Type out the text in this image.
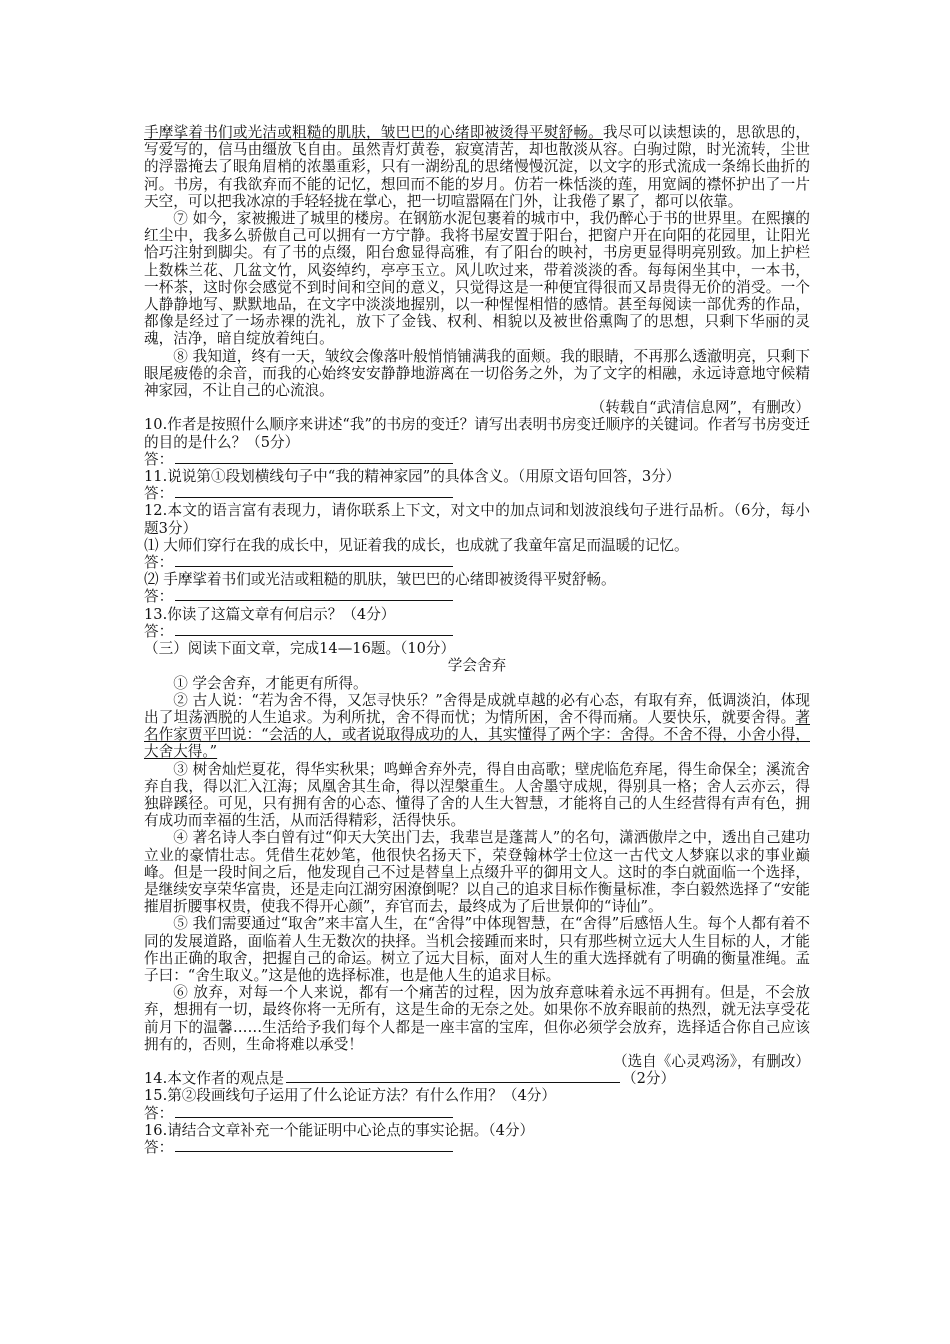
手摩挲着书们或光洁或粗糙的肌肤，皱巴巴的心绪即被烫得平熨舒畅。我尽可以读想读的，思欲思的，写爱写的，信马由缰放飞自由。虽然青灯黄卷，寂寞清苦，却也散淡从容。白驹过隙，时光流转，尘世的浮嚣掩去了眼角眉梢的浓墨重彩，只有一湖纷乱的思绪慢慢沉淀，以文字的形式流成一条绵长曲折的河。书房，有我欲弃而不能的记忆，想回而不能的岁月。仿若一株恬淡的莲，用宽阔的襟怀护出了一片天空，可以把我冰凉的手轻轻拢在掌心，把一切喧嚣隔在门外，让我倦了累了，都可以依靠。

⑦ 如今，家被搬进了城里的楼房。在钢筋水泥包裹着的城市中，我仍醉心于书的世界里。在熙攘的红尘中，我多么骄傲自己可以拥有一方宁静。我将书屋安置于阳台，把窗户开在向阳的花园里，让阳光恰巧注射到脚尖。有了书的点缀，阳台愈显得高雅，有了阳台的映衬，书房更显得明亮别致。加上护栏上数株兰花、几盆文竹，风姿绰约，亭亭玉立。风儿吹过来，带着淡淡的香。每每闲坐其中，一本书，一杯茶，这时你会感觉不到时间和空间的意义，只觉得这是一种便宜得很而又昂贵得无价的消受。一个人静静地写、默默地品，在文字中淡淡地握别，以一种惺惺相惜的感情。甚至每阅读一部优秀的作品，都像是经过了一场赤裸的洗礼，放下了金钱、权利、相貌以及被世俗熏陶了的思想，只剩下华丽的灵魂，洁净，暗自绽放着纯白。

⑧ 我知道，终有一天，皱纹会像落叶般悄悄铺满我的面颊。我的眼睛，不再那么透澈明亮，只剩下眼尾疲倦的余音，而我的心始终安安静静地游离在一切俗务之外，为了文字的相融，永远诗意地守候精神家园，不让自己的心流浪。

（转载自“武清信息网”，有删改）

10.作者是按照什么顺序来讲述“我”的书房的变迁？请写出表明书房变迁顺序的关键词。作者写书房变迁的目的是什么？（5分）

答：

11.说说第①段划横线句子中“我的精神家园”的具体含义。（用原文语句回答，3分）

答：

12.本文的语言富有表现力，请你联系上下文，对文中的加点词和划波浪线句子进行品析。（6分，每小题3分）

⑴ 大师们穿行在我的成长中，见证着我的成长，也成就了我童年富足而温暖的记忆。

答：

⑵ 手摩挲着书们或光洁或粗糙的肌肤，皱巴巴的心绪即被烫得平熨舒畅。

答：

13.你读了这篇文章有何启示？（4分）

答：

（三）阅读下面文章，完成14—16题。（10分）

学会舍弃

① 学会舍弃，才能更有所得。

② 古人说：“若为舍不得，又怎寻快乐？”舍得是成就卓越的必有心态，有取有弃，低调淡泊，体现出了坦荡洒脱的人生追求。为利所扰，舍不得而忧；为情所困，舍不得而痛。人要快乐，就要舍得。著名作家贾平凹说：“会活的人，或者说取得成功的人，其实懂得了两个字：舍得。不舍不得，小舍小得，大舍大得。”

③ 树舍灿烂夏花，得华实秋果；鸣蝉舍弃外壳，得自由高歌；壁虎临危弃尾，得生命保全；溪流舍弃自我，得以汇入江海；凤凰舍其生命，得以涅槃重生。人舍墨守成规，得别具一格；舍人云亦云，得独辟蹊径。可见，只有拥有舍的心态、懂得了舍的人生大智慧，才能将自己的人生经营得有声有色，拥有成功而幸福的生活，从而活得精彩，活得快乐。

④ 著名诗人李白曾有过“仰天大笑出门去，我辈岂是蓬蒿人”的名句，潇洒傲岸之中，透出自己建功立业的豪情壮志。凭借生花妙笔，他很快名扬天下，荣登翰林学士位这一古代文人梦寐以求的事业巅峰。但是一段时间之后，他发现自己不过是替皇上点缀升平的御用文人。这时的李白就面临一个选择，是继续安享荣华富贵，还是走向江湖穷困潦倒呢？以自己的追求目标作衡量标准，李白毅然选择了“安能摧眉折腰事权贵，使我不得开心颜”，弃官而去，最终成为了后世景仰的“诗仙”。

⑤ 我们需要通过“取舍”来丰富人生，在“舍得”中体现智慧，在“舍得”后感悟人生。每个人都有着不同的发展道路，面临着人生无数次的抉择。当机会接踵而来时，只有那些树立远大人生目标的人，才能作出正确的取舍，把握自己的命运。树立了远大目标，面对人生的重大选择就有了明确的衡量准绳。孟子曰：“舍生取义。”这是他的选择标准，也是他人生的追求目标。

⑥ 放弃，对每一个人来说，都有一个痛苦的过程，因为放弃意味着永远不再拥有。但是，不会放弃，想拥有一切，最终你将一无所有，这是生命的无奈之处。如果你不放弃眼前的热烈，就无法享受花前月下的温馨……生活给予我们每个人都是一座丰富的宝库，但你必须学会放弃，选择适合你自己应该拥有的，否则，生命将难以承受！

（选自《心灵鸡汤》，有删改）

14.本文作者的观点是	（2分）

15.第②段画线句子运用了什么论证方法？有什么作用？（4分）

答：

16.请结合文章补充一个能证明中心论点的事实论据。（4分）

答：
